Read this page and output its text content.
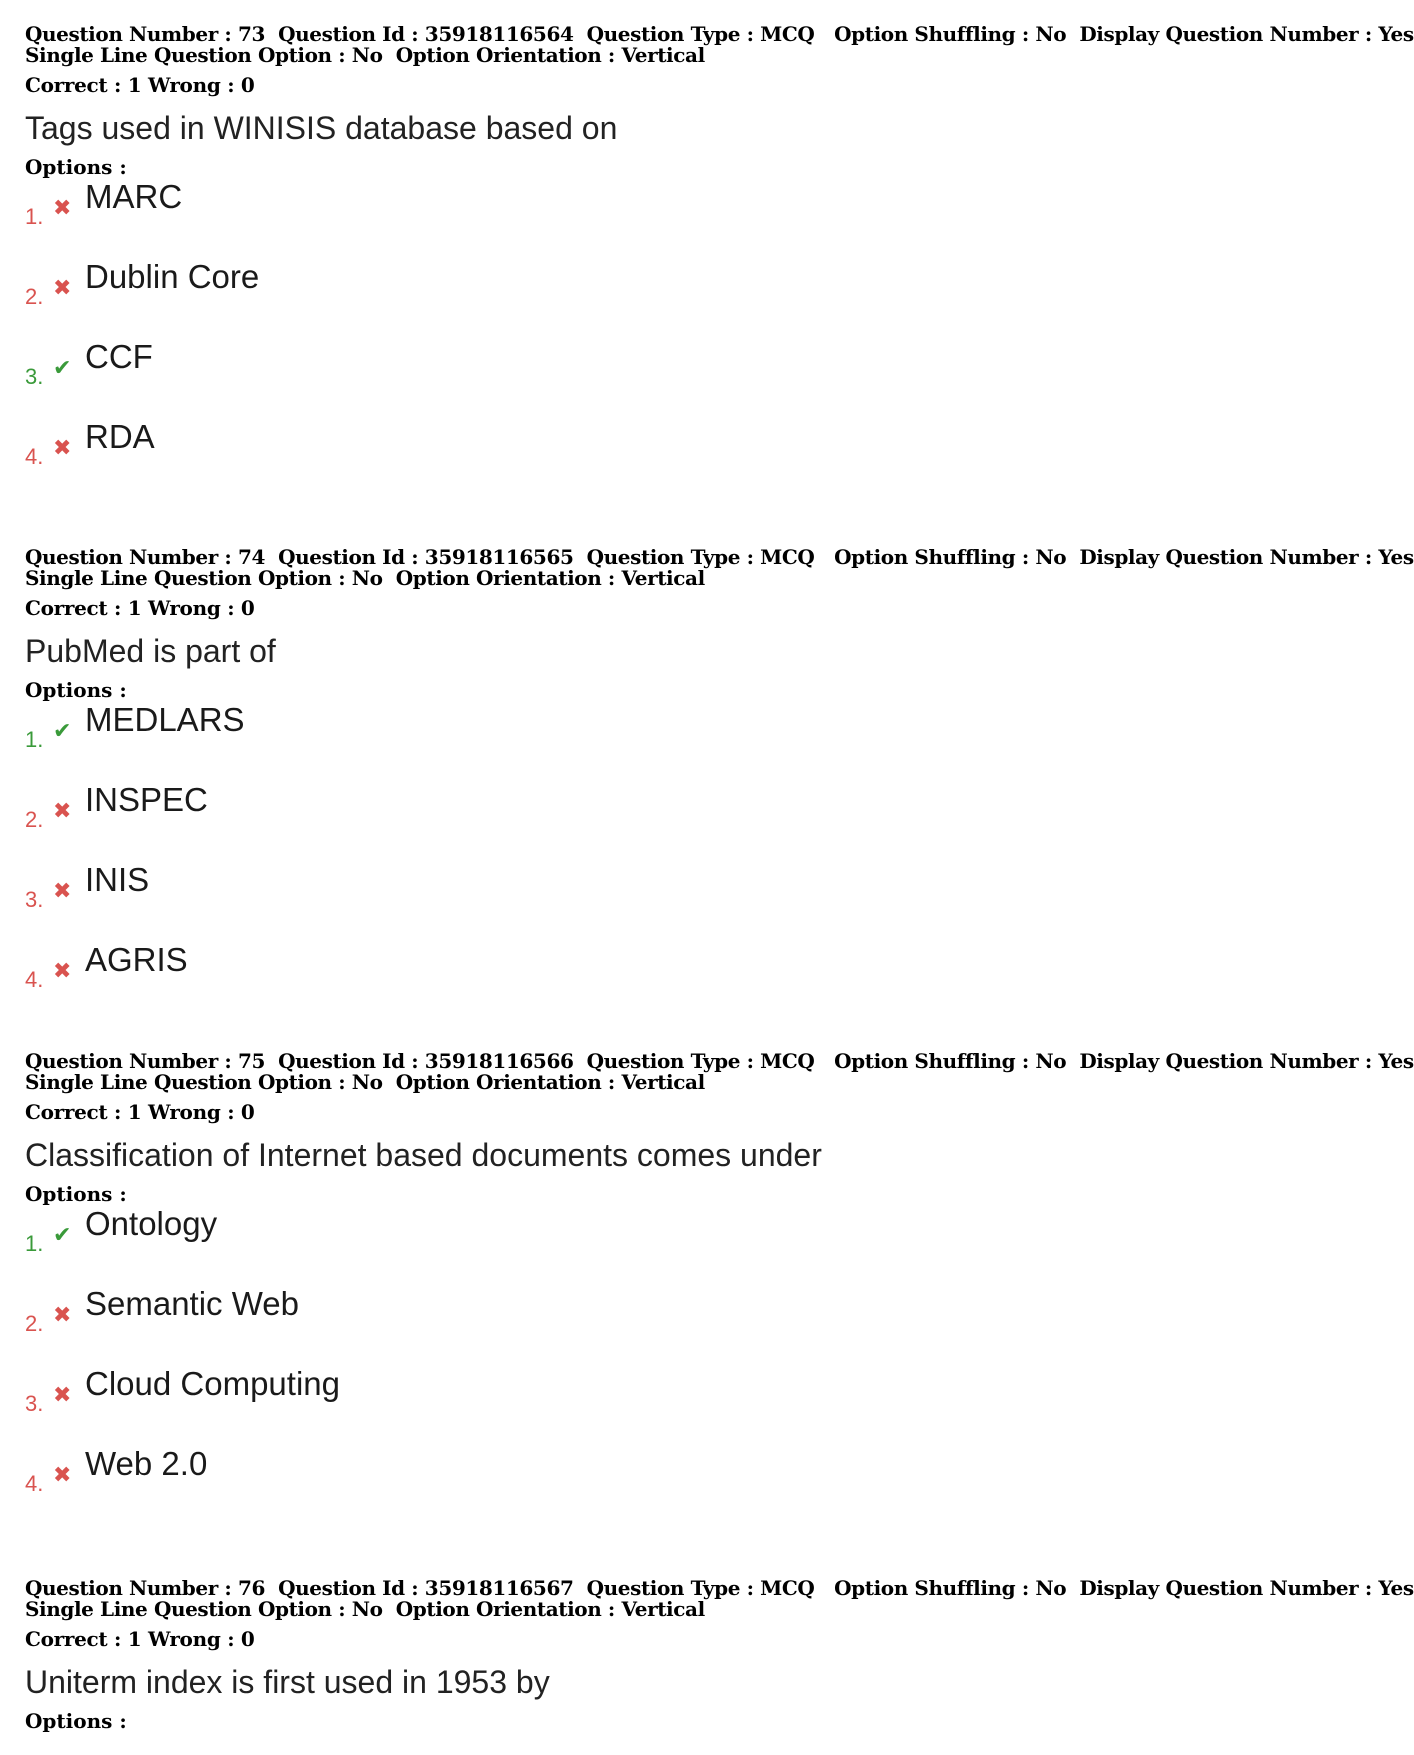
Question Number : 73  Question Id : 35918116564  Question Type : MCQ   Option Shuffling : No  Display Question Number : Yes
Single Line Question Option : No  Option Orientation : Vertical
Correct : 1 Wrong : 0
Tags used in WINISIS database based on
Options :
1. ✖ MARC
2. ✖ Dublin Core
3. ✔ CCF
4. ✖ RDA
Question Number : 74  Question Id : 35918116565  Question Type : MCQ   Option Shuffling : No  Display Question Number : Yes
Single Line Question Option : No  Option Orientation : Vertical
Correct : 1 Wrong : 0
PubMed is part of
Options :
1. ✔ MEDLARS
2. ✖ INSPEC
3. ✖ INIS
4. ✖ AGRIS
Question Number : 75  Question Id : 35918116566  Question Type : MCQ   Option Shuffling : No  Display Question Number : Yes
Single Line Question Option : No  Option Orientation : Vertical
Correct : 1 Wrong : 0
Classification of Internet based documents comes under
Options :
1. ✔ Ontology
2. ✖ Semantic Web
3. ✖ Cloud Computing
4. ✖ Web 2.0
Question Number : 76  Question Id : 35918116567  Question Type : MCQ   Option Shuffling : No  Display Question Number : Yes
Single Line Question Option : No  Option Orientation : Vertical
Correct : 1 Wrong : 0
Uniterm index is first used in 1953 by
Options :
